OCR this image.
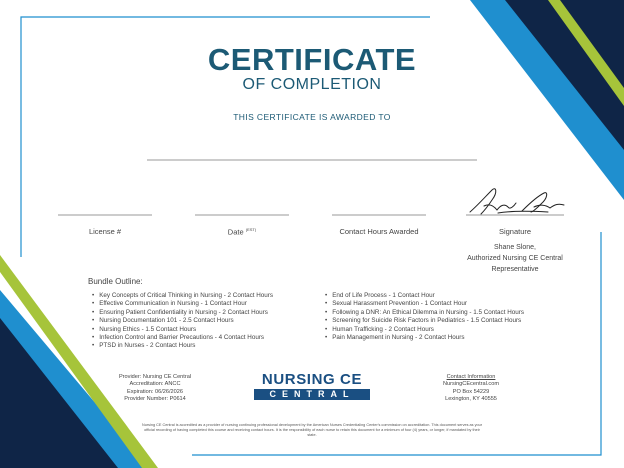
CERTIFICATE
OF COMPLETION
THIS CERTIFICATE IS AWARDED TO
License #	Date $^{(EST)}$	Contact Hours Awarded	Signature
Shane Slone,
Authorized Nursing CE Central
Representative
Bundle Outline:
• Key Concepts of Critical Thinking in Nursing - 2 Contact Hours
• Effective Communication in Nursing - 1 Contact Hour
• Ensuring Patient Confidentiality in Nursing - 2 Contact Hours
• Nursing Documentation 101 - 2.5 Contact Hours
• Nursing Ethics - 1.5 Contact Hours
• Infection Control and Barrier Precautions - 4 Contact Hours
• PTSD in Nurses - 2 Contact Hours
• End of Life Process - 1 Contact Hour
• Sexual Harassment Prevention - 1 Contact Hour
• Following a DNR: An Ethical Dilemma in Nursing - 1.5 Contact Hours
• Screening for Suicide Risk Factors in Pediatrics - 1.5 Contact Hours
• Human Trafficking - 2 Contact Hours
• Pain Management in Nursing - 2 Contact Hours
Provider: Nursing CE Central
Accreditation: ANCC
Expiration: 06/26/2026
Provider Number: P0614
NURSING CE
CENTRAL
Contact Information
NursingCEcentral.com
PO Box 54229
Lexington, KY 40555
Nursing CE Central is accredited as a provider of nursing continuing professional development by the American Nurses Credentialing Center's commission on accreditation. This document serves as your official recording of having completed this course and receiving contact hours. It is the responsibility of each nurse to retain this document for a minimum of four (4) years, or longer, if mandated by their state.
